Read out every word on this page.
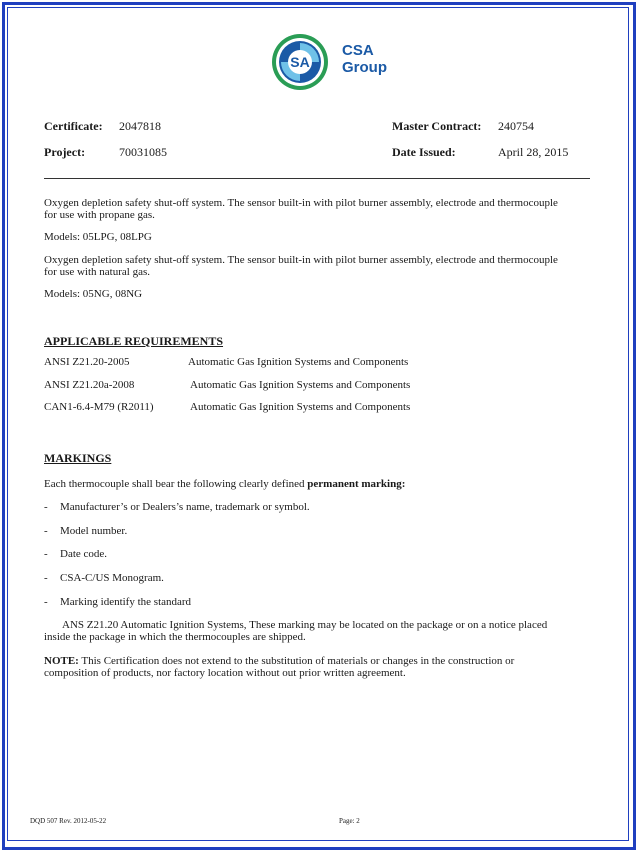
SA
CSA
Group
Certificate: 2047818
Project:	70031085
Master Contract: 240754
Date Issued:	April 28, 2015
Oxygen depletion safety shut-off system. The sensor built-in with pilot burner assembly, electrode and thermocouple for use with propane gas.
Models: 05LPG, 08LPG
Oxygen depletion safety shut-off system. The sensor built-in with pilot burner assembly, electrode and thermocouple for use with natural gas.
Models: 05NG, 08NG
APPLICABLE REQUIREMENTS
ANSI Z21.20-2005	Automatic Gas Ignition Systems and Components
ANSI Z21.20a-2008	Automatic Gas Ignition Systems and Components
CAN1-6.4-M79 (R2011)	Automatic Gas Ignition Systems and Components
MARKINGS
Each thermocouple shall bear the following clearly defined permanent marking:
- Manufacturer’s or Dealers’s name, trademark or symbol.
- Model number.
- Date code.
- CSA-C/US Monogram.
- Marking identify the standard
ANS Z21.20 Automatic Ignition Systems, These marking may be located on the package or on a notice placed inside the package in which the thermocouples are shipped.
NOTE: This Certification does not extend to the substitution of materials or changes in the construction or composition of products, nor factory location without out prior written agreement.
DQD 507 Rev. 2012-05-22	Page: 2
